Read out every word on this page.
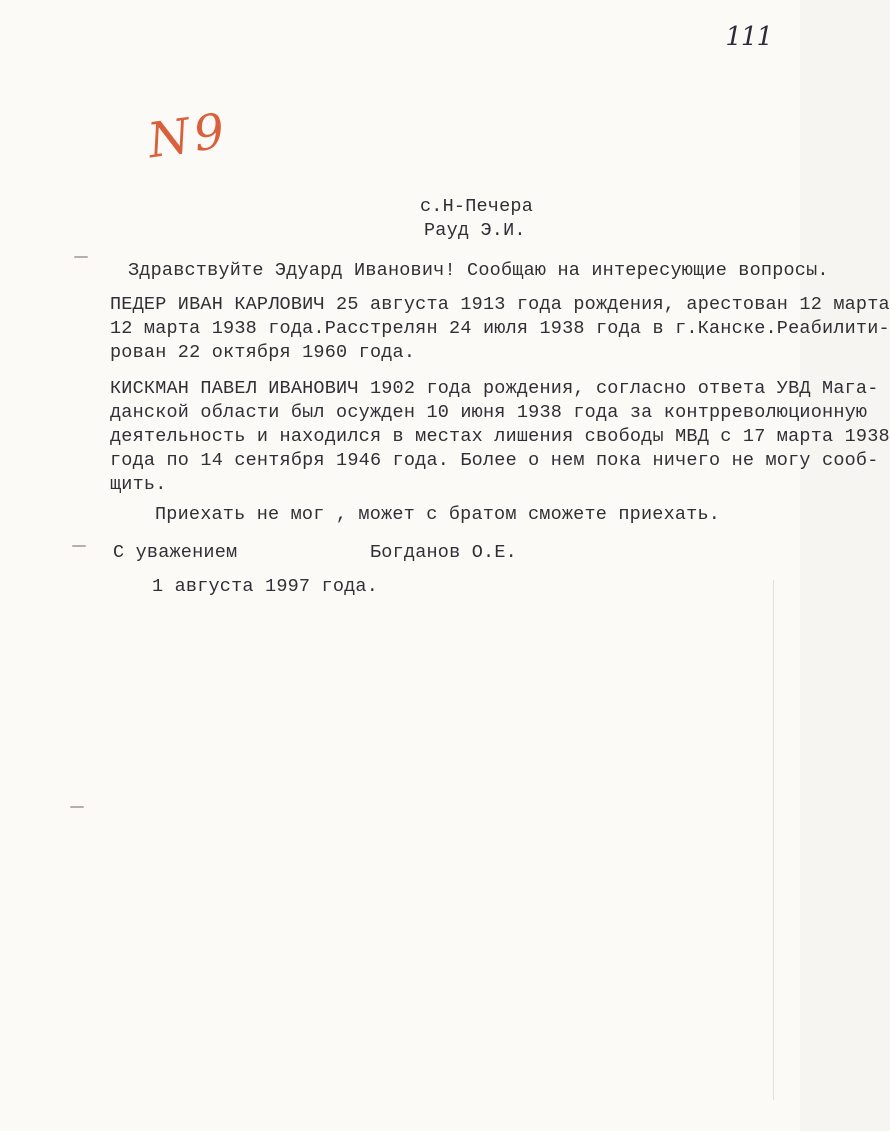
111
N9
с.Н-Печера
Рауд Э.И.
Здравствуйте Эдуард Иванович! Сообщаю на интересующие вопросы.
ПЕДЕР ИВАН КАРЛОВИЧ 25 августа 1913 года рождения, арестован 12 марта
12 марта 1938 года.Расстрелян 24 июля 1938 года в г.Канске.Реабилити-
рован 22 октября 1960 года.
КИСКМАН ПАВЕЛ ИВАНОВИЧ 1902 года рождения, согласно ответа УВД Мага-
данской области был осужден 10 июня 1938 года за контрреволюционную
деятельность и находился в местах лишения свободы МВД с 17 марта 1938
года по 14 сентября 1946 года. Более о нем пока ничего не могу сооб-
щить.
Приехать не мог , может с братом сможете приехать.
С уважением	Богданов О.Е.
1 августа 1997 года.
